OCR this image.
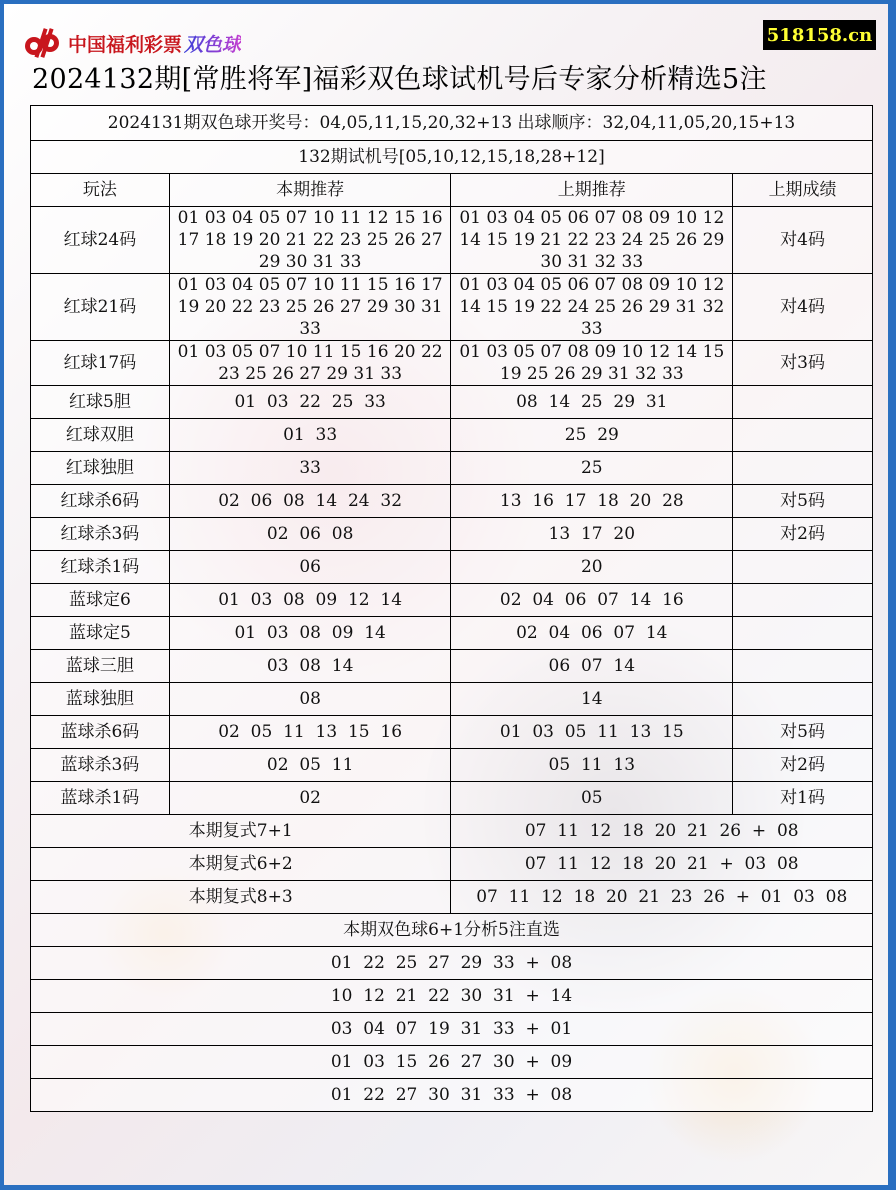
中国福利彩票 双色球	518158.cn
2024132期[常胜将军]福彩双色球试机号后专家分析精选5注
2024131期双色球开奖号：04,05,11,15,20,32+13 出球顺序：32,04,11,05,20,15+13			
132期试机号[05,10,12,15,18,28+12]			
玩法	本期推荐	上期推荐	上期成绩
红球24码	01 03 04 05 07 10 11 12 15 16 17 18 19 20 21 22 23 25 26 27 29 30 31 33	01 03 04 05 06 07 08 09 10 12 14 15 19 21 22 23 24 25 26 29 30 31 32 33	对4码
红球21码	01 03 04 05 07 10 11 15 16 17 19 20 22 23 25 26 27 29 30 31 33	01 03 04 05 06 07 08 09 10 12 14 15 19 22 24 25 26 29 31 32 33	对4码
红球17码	01 03 05 07 10 11 15 16 20 22 23 25 26 27 29 31 33	01 03 05 07 08 09 10 12 14 15 19 25 26 29 31 32 33	对3码
红球5胆	01  03  22  25  33	08  14  25  29  31	
红球双胆	01  33	25  29	
红球独胆	33	25	
红球杀6码	02  06  08  14  24  32	13  16  17  18  20  28	对5码
红球杀3码	02  06  08	13  17  20	对2码
红球杀1码	06	20	
蓝球定6	01  03  08  09  12  14	02  04  06  07  14  16	
蓝球定5	01  03  08  09  14	02  04  06  07  14	
蓝球三胆	03  08  14	06  07  14	
蓝球独胆	08	14	
蓝球杀6码	02  05  11  13  15  16	01  03  05  11  13  15	对5码
蓝球杀3码	02  05  11	05  11  13	对2码
蓝球杀1码	02	05	对1码
本期复式7+1		07  11  12  18  20  21  26  +  08	
本期复式6+2		07  11  12  18  20  21  +  03  08	
本期复式8+3		07  11  12  18  20  21  23  26  +  01  03  08	
本期双色球6+1分析5注直选			
01  22  25  27  29  33  +  08			
10  12  21  22  30  31  +  14			
03  04  07  19  31  33  +  01			
01  03  15  26  27  30  +  09			
01  22  27  30  31  33  +  08			
